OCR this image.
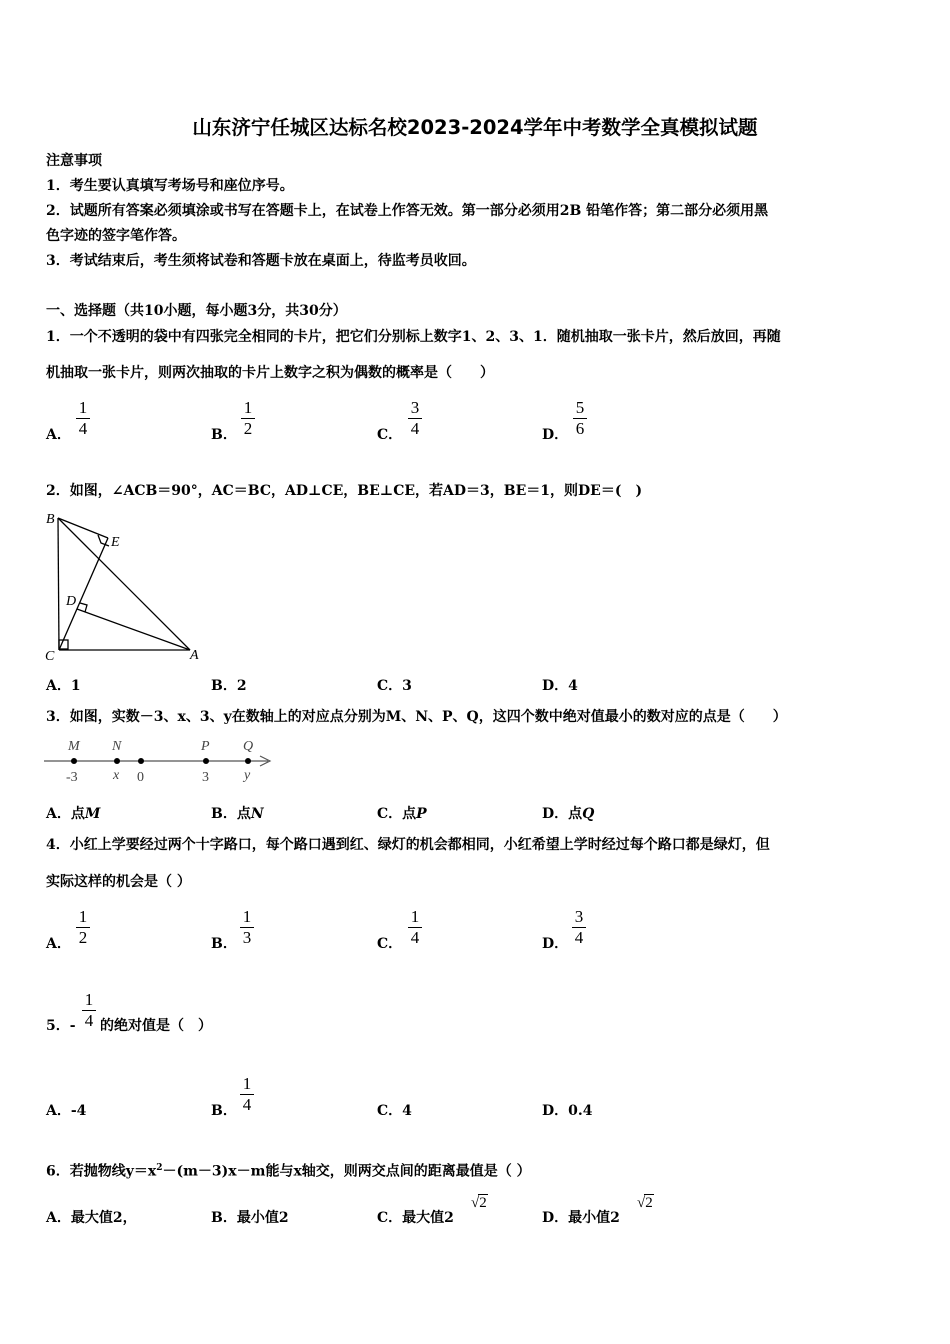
山东济宁任城区达标名校2023-2024学年中考数学全真模拟试题
注意事项
1．考生要认真填写考场号和座位序号。
2．试题所有答案必须填涂或书写在答题卡上，在试卷上作答无效。第一部分必须用2B 铅笔作答；第二部分必须用黑
色字迹的签字笔作答。
3．考试结束后，考生须将试卷和答题卡放在桌面上，待监考员收回。
一、选择题（共10小题，每小题3分，共30分）
1．一个不透明的袋中有四张完全相同的卡片，把它们分别标上数字1、2、3、1．随机抽取一张卡片，然后放回，再随
机抽取一张卡片，则两次抽取的卡片上数字之积为偶数的概率是（　　）
A．
1
4	B．
1
2	C．
3
4	D．
5
6
2．如图，∠ACB＝90°，AC＝BC，AD⊥CE，BE⊥CE，若AD＝3，BE＝1，则DE＝(　)
B
E
D
C	A
A．1	B．2	C．3	D．4
3．如图，实数－3、x、3、y在数轴上的对应点分别为M、N、P、Q，这四个数中绝对值最小的数对应的点是（　　）
M N	P Q
-3	x 0	3	y
A．点M	B．点N	C．点P	D．点Q
4．小红上学要经过两个十字路口，每个路口遇到红、绿灯的机会都相同，小红希望上学时经过每个路口都是绿灯，但
实际这样的机会是（ ）
A．
1
2	B．
1
3	C．
1
4	D．
3
4
5．-
1
4 的绝对值是（　）
A．-4	B．
1
4	C．4	D．0.4
6．若抛物线$y=x^2-(m-3)x-m$能与x轴交，则两交点间的距离最值是（ ）
A．最大值2，	B．最小值2	C．最大值2
√2
D．最小值2
√2
